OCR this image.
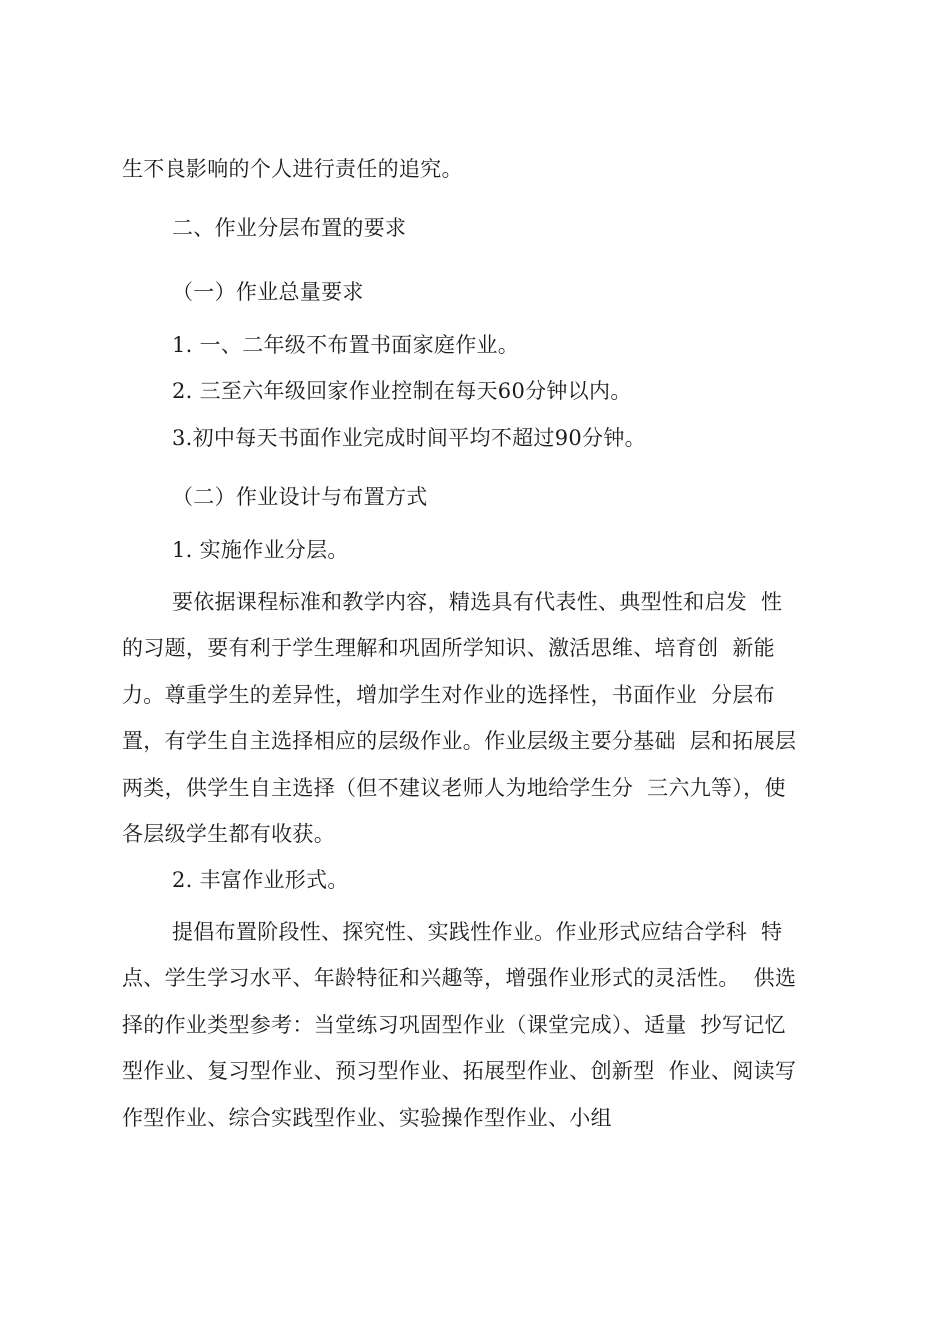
生不良影响的个人进行责任的追究。
二、作业分层布置的要求
（一）作业总量要求
1. 一、二年级不布置书面家庭作业。
2. 三至六年级回家作业控制在每天60分钟以内。
3.初中每天书面作业完成时间平均不超过90分钟。
（二）作业设计与布置方式
1. 实施作业分层。
要依据课程标准和教学内容，精选具有代表性、典型性和启发  性
的习题，要有利于学生理解和巩固所学知识、激活思维、培育创  新能
力。尊重学生的差异性，增加学生对作业的选择性，书面作业  分层布
置，有学生自主选择相应的层级作业。作业层级主要分基础  层和拓展层
两类，供学生自主选择（但不建议老师人为地给学生分  三六九等），使
各层级学生都有收获。
2. 丰富作业形式。
提倡布置阶段性、探究性、实践性作业。作业形式应结合学科  特
点、学生学习水平、年龄特征和兴趣等，增强作业形式的灵活性。  供选
择的作业类型参考：当堂练习巩固型作业（课堂完成）、适量  抄写记忆
型作业、复习型作业、预习型作业、拓展型作业、创新型  作业、阅读写
作型作业、综合实践型作业、实验操作型作业、小组
